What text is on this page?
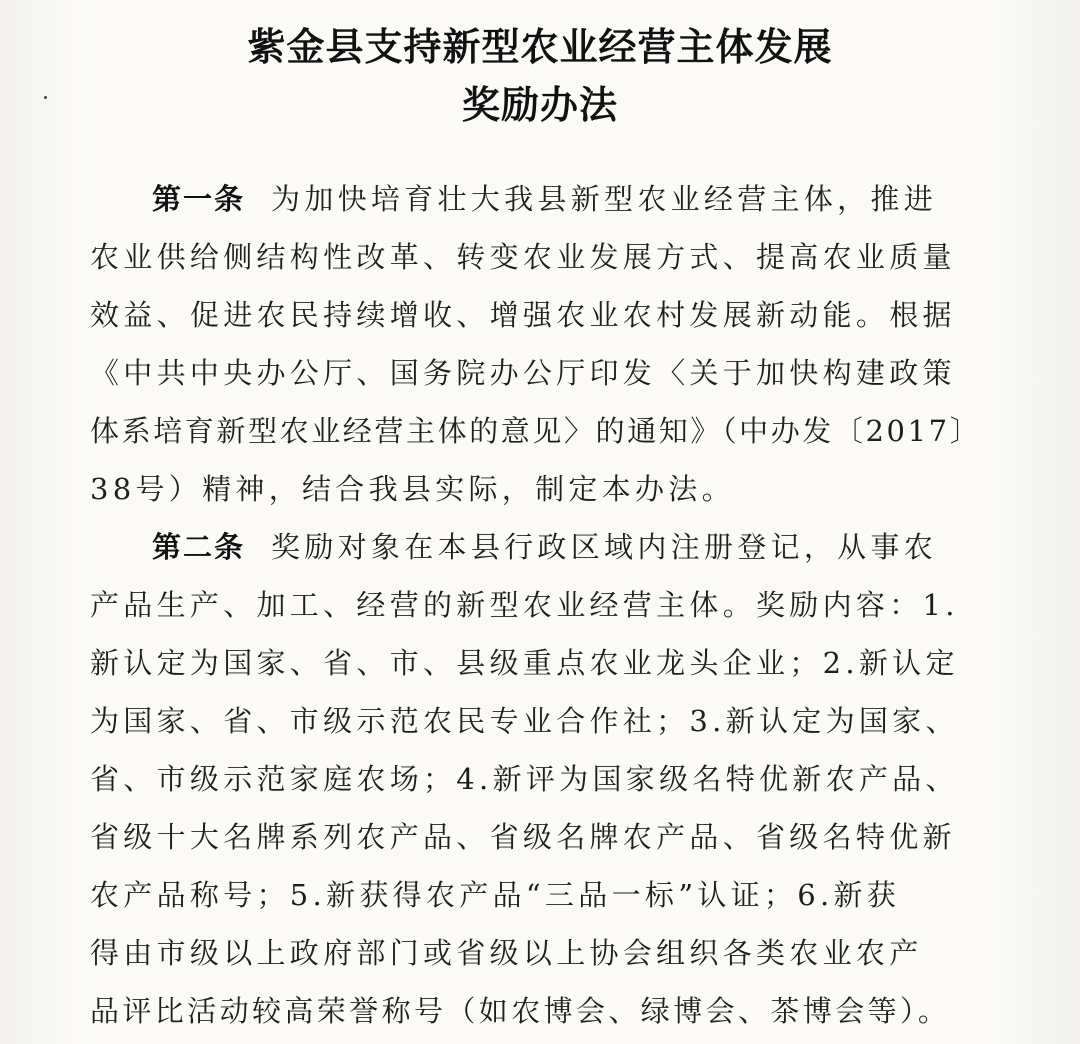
紫金县支持新型农业经营主体发展
奖励办法
第一条 为加快培育壮大我县新型农业经营主体，推进
农业供给侧结构性改革、转变农业发展方式、提高农业质量
效益、促进农民持续增收、增强农业农村发展新动能。根据
《中共中央办公厅、国务院办公厅印发〈关于加快构建政策
体系培育新型农业经营主体的意见〉的通知》（中办发〔2017〕
38号）精神，结合我县实际，制定本办法。
第二条 奖励对象在本县行政区域内注册登记，从事农
产品生产、加工、经营的新型农业经营主体。奖励内容：1.
新认定为国家、省、市、县级重点农业龙头企业；2.新认定
为国家、省、市级示范农民专业合作社；3.新认定为国家、
省、市级示范家庭农场；4.新评为国家级名特优新农产品、
省级十大名牌系列农产品、省级名牌农产品、省级名特优新
农产品称号；5.新获得农产品“三品一标”认证；6.新获
得由市级以上政府部门或省级以上协会组织各类农业农产
品评比活动较高荣誉称号（如农博会、绿博会、茶博会等）。
